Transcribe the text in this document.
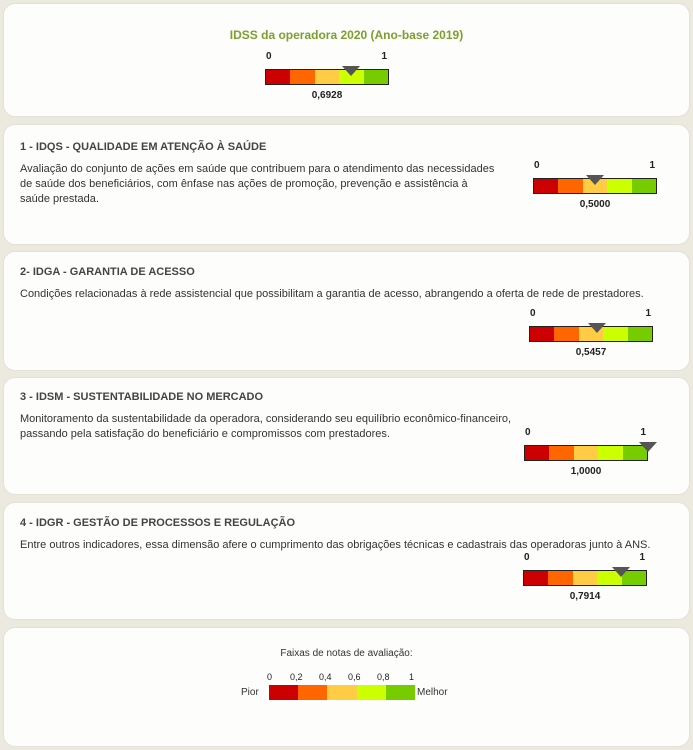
IDSS da operadora 2020 (Ano-base 2019)
0	1
0,6928
1 - IDQS - QUALIDADE EM ATENÇÃO À SAÚDE
Avaliação do conjunto de ações em saúde que contribuem para o atendimento das necessidades
de saúde dos beneficiários, com ênfase nas ações de promoção, prevenção e assistência à
saúde prestada.
0	1
0,5000
2- IDGA - GARANTIA DE ACESSO
Condições relacionadas à rede assistencial que possibilitam a garantia de acesso, abrangendo a oferta de rede de prestadores.
0	1
0,5457
3 - IDSM - SUSTENTABILIDADE NO MERCADO
Monitoramento da sustentabilidade da operadora, considerando seu equilíbrio econômico-financeiro,
passando pela satisfação do beneficiário e compromissos com prestadores.	0	1
1,0000
4 - IDGR - GESTÃO DE PROCESSOS E REGULAÇÃO
Entre outros indicadores, essa dimensão afere o cumprimento das obrigações técnicas e cadastrais das operadoras junto à ANS.
0	1
0,7914
Faixas de notas de avaliação:
0 0,2 0,4 0,6 0,8 1
Pior	Melhor
